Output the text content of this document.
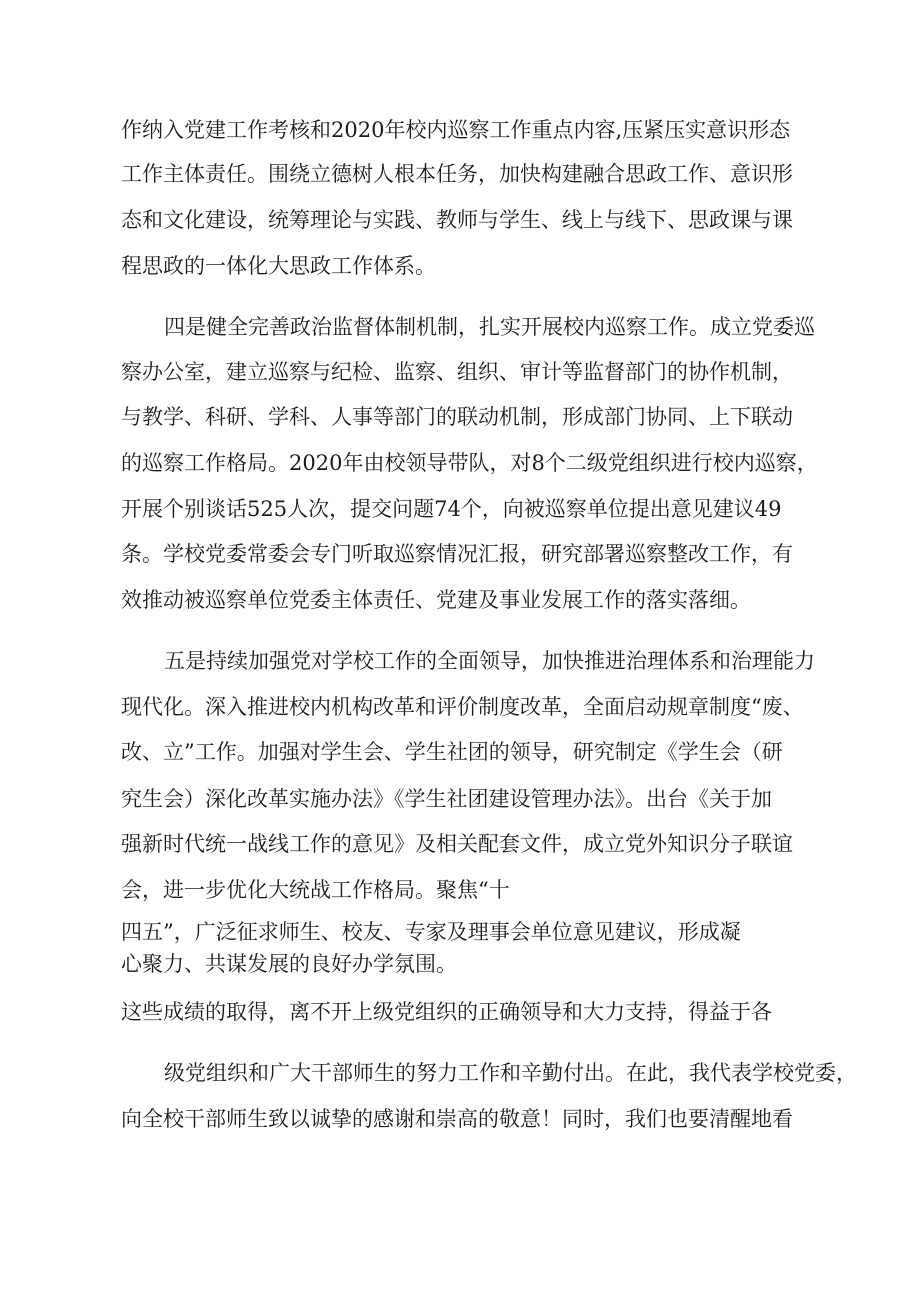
作纳入党建工作考核和2020年校内巡察工作重点内容,压紧压实意识形态
工作主体责任。围绕立德树人根本任务，加快构建融合思政工作、意识形
态和文化建设，统筹理论与实践、教师与学生、线上与线下、思政课与课
程思政的一体化大思政工作体系。
四是健全完善政治监督体制机制，扎实开展校内巡察工作。成立党委巡
察办公室，建立巡察与纪检、监察、组织、审计等监督部门的协作机制，
与教学、科研、学科、人事等部门的联动机制，形成部门协同、上下联动
的巡察工作格局。2020年由校领导带队，对8个二级党组织进行校内巡察，
开展个别谈话525人次，提交问题74个，向被巡察单位提出意见建议49
条。学校党委常委会专门听取巡察情况汇报，研究部署巡察整改工作，有
效推动被巡察单位党委主体责任、党建及事业发展工作的落实落细。
五是持续加强党对学校工作的全面领导，加快推进治理体系和治理能力
现代化。深入推进校内机构改革和评价制度改革，全面启动规章制度“废、
改、立”工作。加强对学生会、学生社团的领导，研究制定《学生会（研
究生会）深化改革实施办法》《学生社团建设管理办法》。出台《关于加
强新时代统一战线工作的意见》及相关配套文件，成立党外知识分子联谊
会，进一步优化大统战工作格局。聚焦“十
四五”，广泛征求师生、校友、专家及理事会单位意见建议，形成凝
心聚力、共谋发展的良好办学氛围。
这些成绩的取得，离不开上级党组织的正确领导和大力支持，得益于各
级党组织和广大干部师生的努力工作和辛勤付出。在此，我代表学校党委，
向全校干部师生致以诚挚的感谢和崇高的敬意！同时，我们也要清醒地看
